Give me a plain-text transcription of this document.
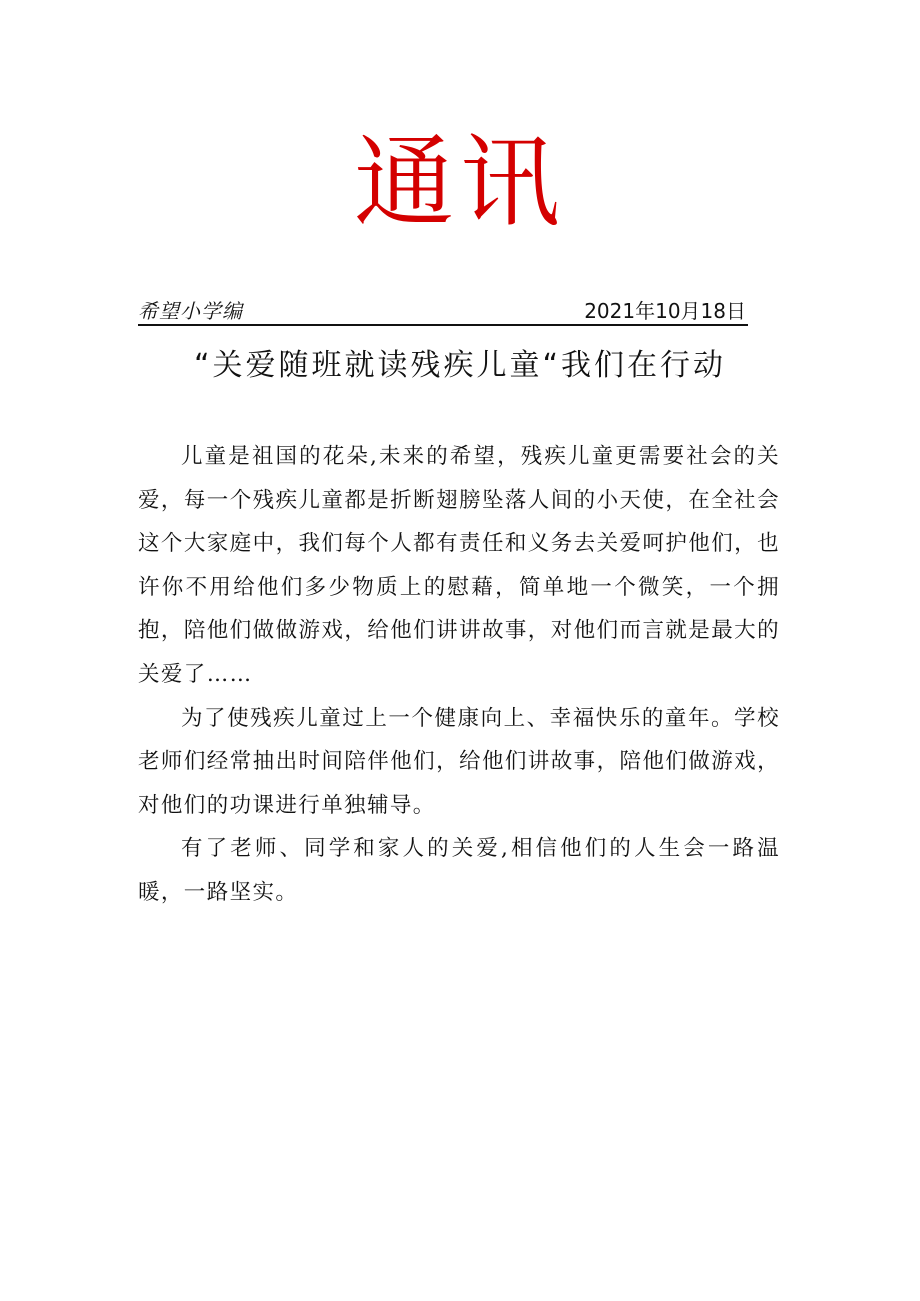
通讯
希望小学编	2021年10月18日
“关爱随班就读残疾儿童“我们在行动

儿童是祖国的花朵,未来的希望，残疾儿童更需要社会的关爱，每一个残疾儿童都是折断翅膀坠落人间的小天使，在全社会这个大家庭中，我们每个人都有责任和义务去关爱呵护他们，也许你不用给他们多少物质上的慰藉，简单地一个微笑，一个拥抱，陪他们做做游戏，给他们讲讲故事，对他们而言就是最大的关爱了……

为了使残疾儿童过上一个健康向上、幸福快乐的童年。学校老师们经常抽出时间陪伴他们，给他们讲故事，陪他们做游戏，对他们的功课进行单独辅导。

有了老师、同学和家人的关爱,相信他们的人生会一路温暖，一路坚实。
